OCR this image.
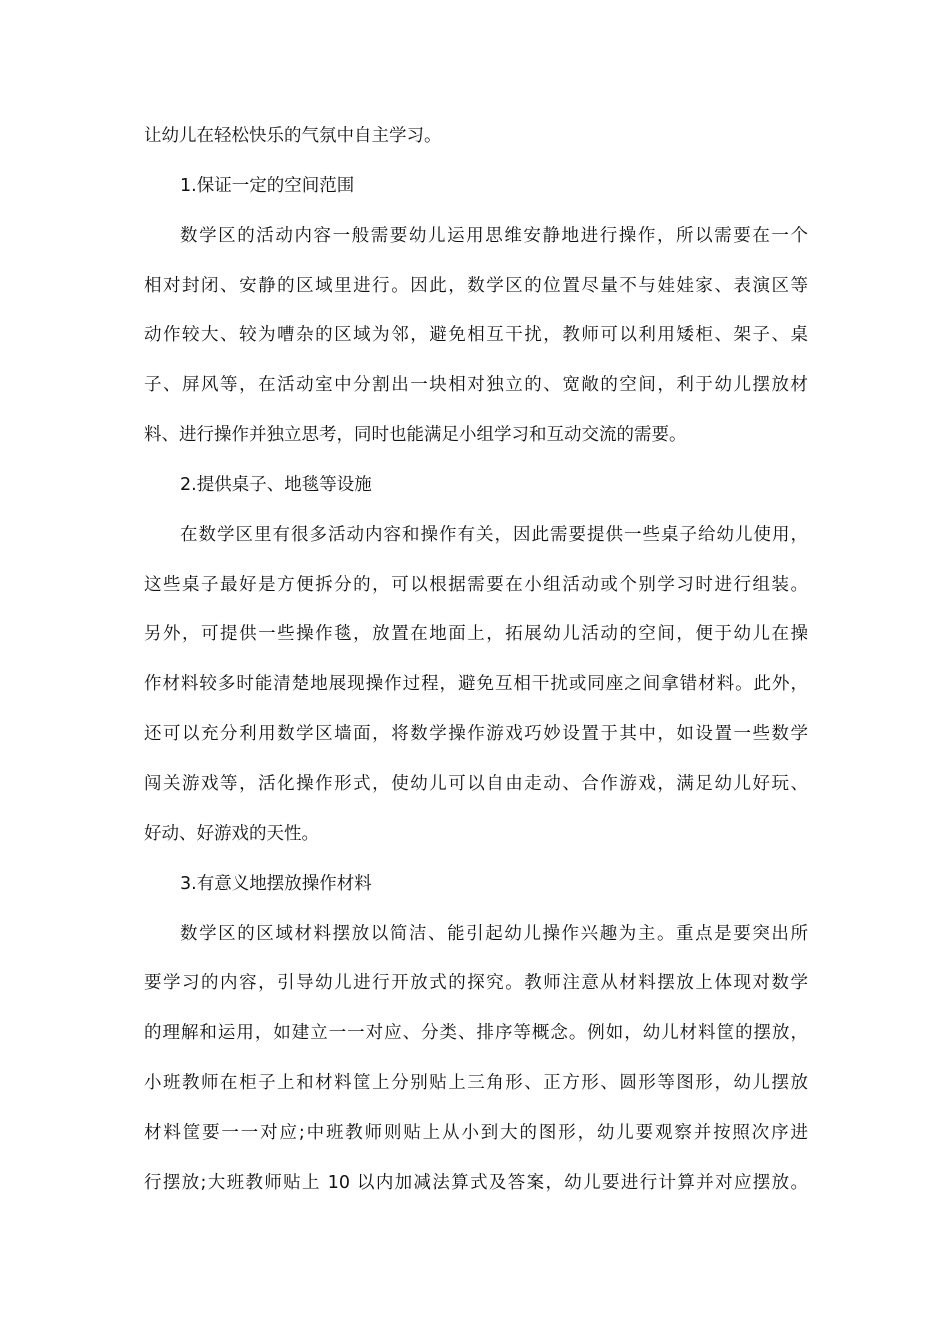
让幼儿在轻松快乐的气氛中自主学习。
1.保证一定的空间范围
数学区的活动内容一般需要幼儿运用思维安静地进行操作，所以需要在一个
相对封闭、安静的区域里进行。因此，数学区的位置尽量不与娃娃家、表演区等
动作较大、较为嘈杂的区域为邻，避免相互干扰，教师可以利用矮柜、架子、桌
子、屏风等，在活动室中分割出一块相对独立的、宽敞的空间，利于幼儿摆放材
料、进行操作并独立思考，同时也能满足小组学习和互动交流的需要。
2.提供桌子、地毯等设施
在数学区里有很多活动内容和操作有关，因此需要提供一些桌子给幼儿使用，
这些桌子最好是方便拆分的，可以根据需要在小组活动或个别学习时进行组装。
另外，可提供一些操作毯，放置在地面上，拓展幼儿活动的空间，便于幼儿在操
作材料较多时能清楚地展现操作过程，避免互相干扰或同座之间拿错材料。此外，
还可以充分利用数学区墙面，将数学操作游戏巧妙设置于其中，如设置一些数学
闯关游戏等，活化操作形式，使幼儿可以自由走动、合作游戏，满足幼儿好玩、
好动、好游戏的天性。
3.有意义地摆放操作材料
数学区的区域材料摆放以简洁、能引起幼儿操作兴趣为主。重点是要突出所
要学习的内容，引导幼儿进行开放式的探究。教师注意从材料摆放上体现对数学
的理解和运用，如建立一一对应、分类、排序等概念。例如，幼儿材料筐的摆放，
小班教师在柜子上和材料筐上分别贴上三角形、正方形、圆形等图形，幼儿摆放
材料筐要一一对应;中班教师则贴上从小到大的图形，幼儿要观察并按照次序进
行摆放;大班教师贴上 10 以内加减法算式及答案，幼儿要进行计算并对应摆放。
